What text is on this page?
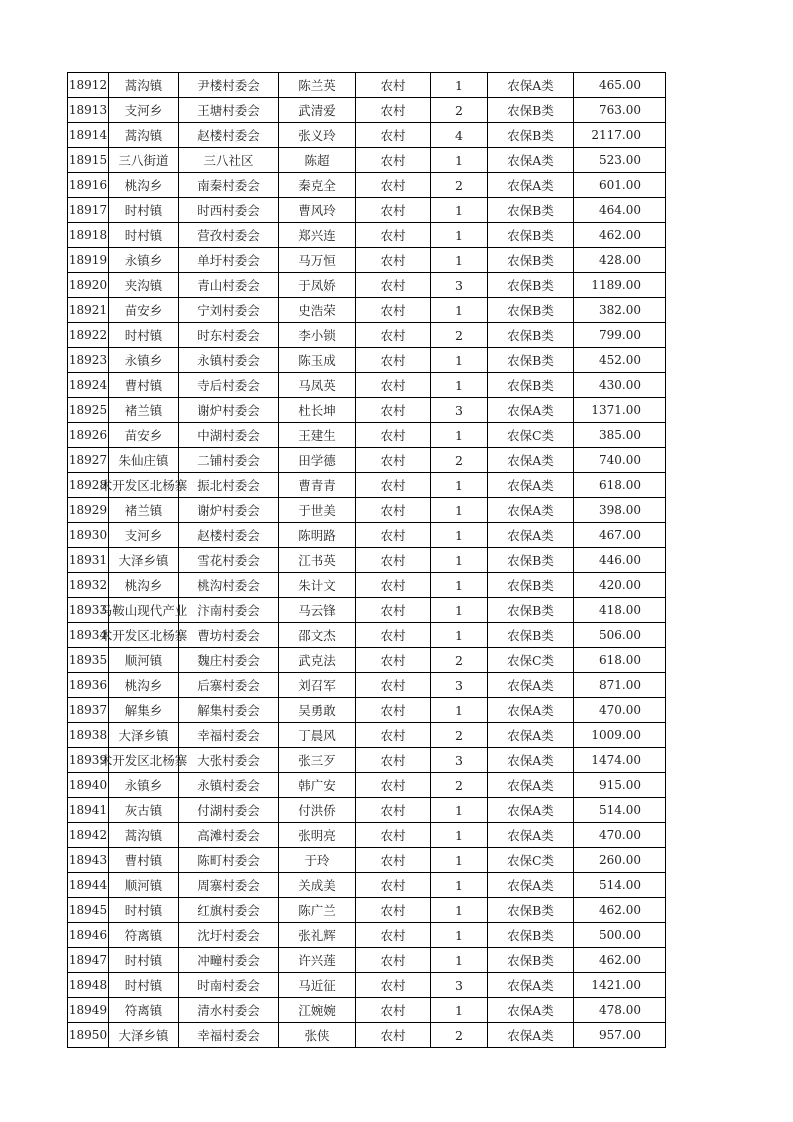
18912	蒿沟镇	尹楼村委会	陈兰英	农村	1	农保A类	465.00
18913	支河乡	王塘村委会	武清爱	农村	2	农保B类	763.00
18914	蒿沟镇	赵楼村委会	张义玲	农村	4	农保B类	2117.00
18915	三八街道	三八社区	陈超	农村	1	农保A类	523.00
18916	桃沟乡	南秦村委会	秦克全	农村	2	农保A类	601.00
18917	时村镇	时西村委会	曹风玲	农村	1	农保B类	464.00
18918	时村镇	营孜村委会	郑兴连	农村	1	农保B类	462.00
18919	永镇乡	单圩村委会	马万恒	农村	1	农保B类	428.00
18920	夹沟镇	青山村委会	于凤娇	农村	3	农保B类	1189.00
18921	苗安乡	宁刘村委会	史浩荣	农村	1	农保B类	382.00
18922	时村镇	时东村委会	李小锁	农村	2	农保B类	799.00
18923	永镇乡	永镇村委会	陈玉成	农村	1	农保B类	452.00
18924	曹村镇	寺后村委会	马凤英	农村	1	农保B类	430.00
18925	褚兰镇	谢炉村委会	杜长坤	农村	3	农保A类	1371.00
18926	苗安乡	中湖村委会	王建生	农村	1	农保C类	385.00
18927	朱仙庄镇	二铺村委会	田学德	农村	2	农保A类	740.00
18928	术开发区北杨寨	振北村委会	曹青青	农村	1	农保A类	618.00
18929	褚兰镇	谢炉村委会	于世美	农村	1	农保A类	398.00
18930	支河乡	赵楼村委会	陈明路	农村	1	农保A类	467.00
18931	大泽乡镇	雪花村委会	江书英	农村	1	农保B类	446.00
18932	桃沟乡	桃沟村委会	朱计文	农村	1	农保B类	420.00
18933	马鞍山现代产业	汴南村委会	马云锋	农村	1	农保B类	418.00
18934	术开发区北杨寨	曹坊村委会	邵文杰	农村	1	农保B类	506.00
18935	顺河镇	魏庄村委会	武克法	农村	2	农保C类	618.00
18936	桃沟乡	后寨村委会	刘召军	农村	3	农保A类	871.00
18937	解集乡	解集村委会	吴勇敢	农村	1	农保A类	470.00
18938	大泽乡镇	幸福村委会	丁晨风	农村	2	农保A类	1009.00
18939	术开发区北杨寨	大张村委会	张三歹	农村	3	农保A类	1474.00
18940	永镇乡	永镇村委会	韩广安	农村	2	农保A类	915.00
18941	灰古镇	付湖村委会	付洪侨	农村	1	农保A类	514.00
18942	蒿沟镇	高滩村委会	张明亮	农村	1	农保A类	470.00
18943	曹村镇	陈町村委会	于玲	农村	1	农保C类	260.00
18944	顺河镇	周寨村委会	关成美	农村	1	农保A类	514.00
18945	时村镇	红旗村委会	陈广兰	农村	1	农保B类	462.00
18946	符离镇	沈圩村委会	张礼辉	农村	1	农保B类	500.00
18947	时村镇	冲疃村委会	许兴莲	农村	1	农保B类	462.00
18948	时村镇	时南村委会	马近征	农村	3	农保A类	1421.00
18949	符离镇	清水村委会	江婉婉	农村	1	农保A类	478.00
18950	大泽乡镇	幸福村委会	张侠	农村	2	农保A类	957.00
